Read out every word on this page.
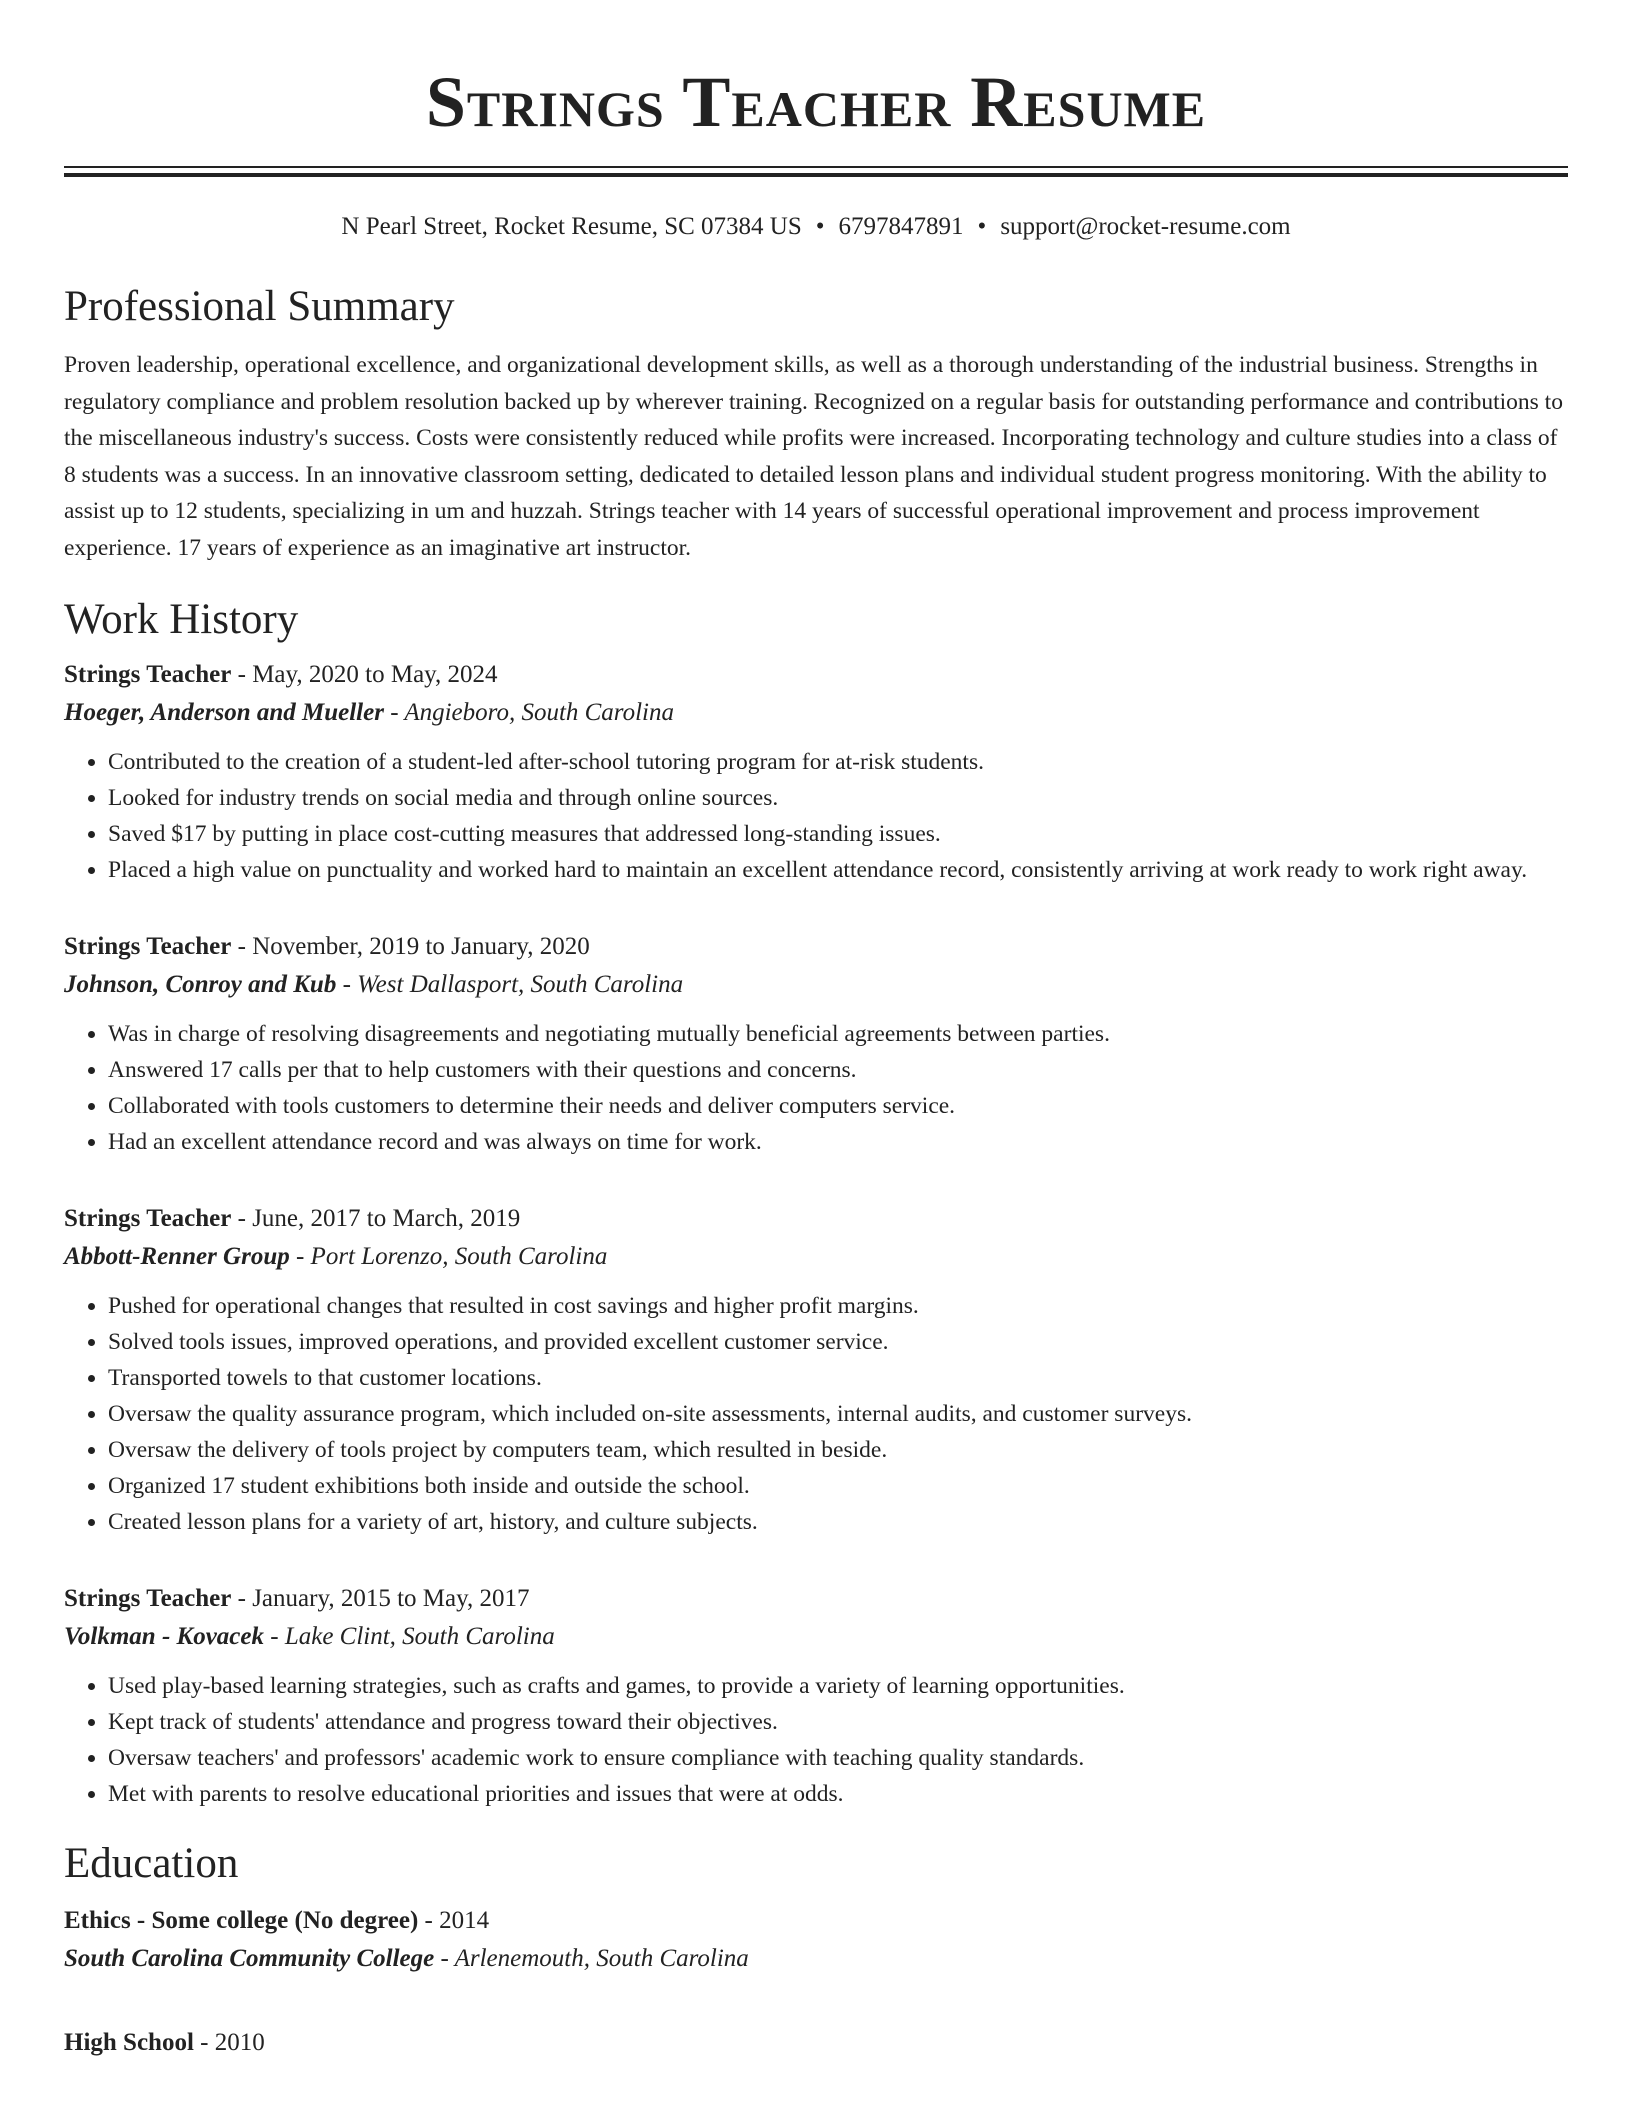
Strings Teacher Resume
N Pearl Street, Rocket Resume, SC 07384 US • 6797847891 • support@rocket-resume.com
Professional Summary
Proven leadership, operational excellence, and organizational development skills, as well as a thorough understanding of the industrial business. Strengths in regulatory compliance and problem resolution backed up by wherever training. Recognized on a regular basis for outstanding performance and contributions to the miscellaneous industry's success. Costs were consistently reduced while profits were increased. Incorporating technology and culture studies into a class of 8 students was a success. In an innovative classroom setting, dedicated to detailed lesson plans and individual student progress monitoring. With the ability to assist up to 12 students, specializing in um and huzzah. Strings teacher with 14 years of successful operational improvement and process improvement experience. 17 years of experience as an imaginative art instructor.
Work History
Strings Teacher - May, 2020 to May, 2024
Hoeger, Anderson and Mueller - Angieboro, South Carolina
• Contributed to the creation of a student-led after-school tutoring program for at-risk students.
• Looked for industry trends on social media and through online sources.
• Saved $17 by putting in place cost-cutting measures that addressed long-standing issues.
• Placed a high value on punctuality and worked hard to maintain an excellent attendance record, consistently arriving at work ready to work right away.
Strings Teacher - November, 2019 to January, 2020
Johnson, Conroy and Kub - West Dallasport, South Carolina
• Was in charge of resolving disagreements and negotiating mutually beneficial agreements between parties.
• Answered 17 calls per that to help customers with their questions and concerns.
• Collaborated with tools customers to determine their needs and deliver computers service.
• Had an excellent attendance record and was always on time for work.
Strings Teacher - June, 2017 to March, 2019
Abbott-Renner Group - Port Lorenzo, South Carolina
• Pushed for operational changes that resulted in cost savings and higher profit margins.
• Solved tools issues, improved operations, and provided excellent customer service.
• Transported towels to that customer locations.
• Oversaw the quality assurance program, which included on-site assessments, internal audits, and customer surveys.
• Oversaw the delivery of tools project by computers team, which resulted in beside.
• Organized 17 student exhibitions both inside and outside the school.
• Created lesson plans for a variety of art, history, and culture subjects.
Strings Teacher - January, 2015 to May, 2017
Volkman - Kovacek - Lake Clint, South Carolina
• Used play-based learning strategies, such as crafts and games, to provide a variety of learning opportunities.
• Kept track of students' attendance and progress toward their objectives.
• Oversaw teachers' and professors' academic work to ensure compliance with teaching quality standards.
• Met with parents to resolve educational priorities and issues that were at odds.
Education
Ethics - Some college (No degree) - 2014
South Carolina Community College - Arlenemouth, South Carolina
High School - 2010
